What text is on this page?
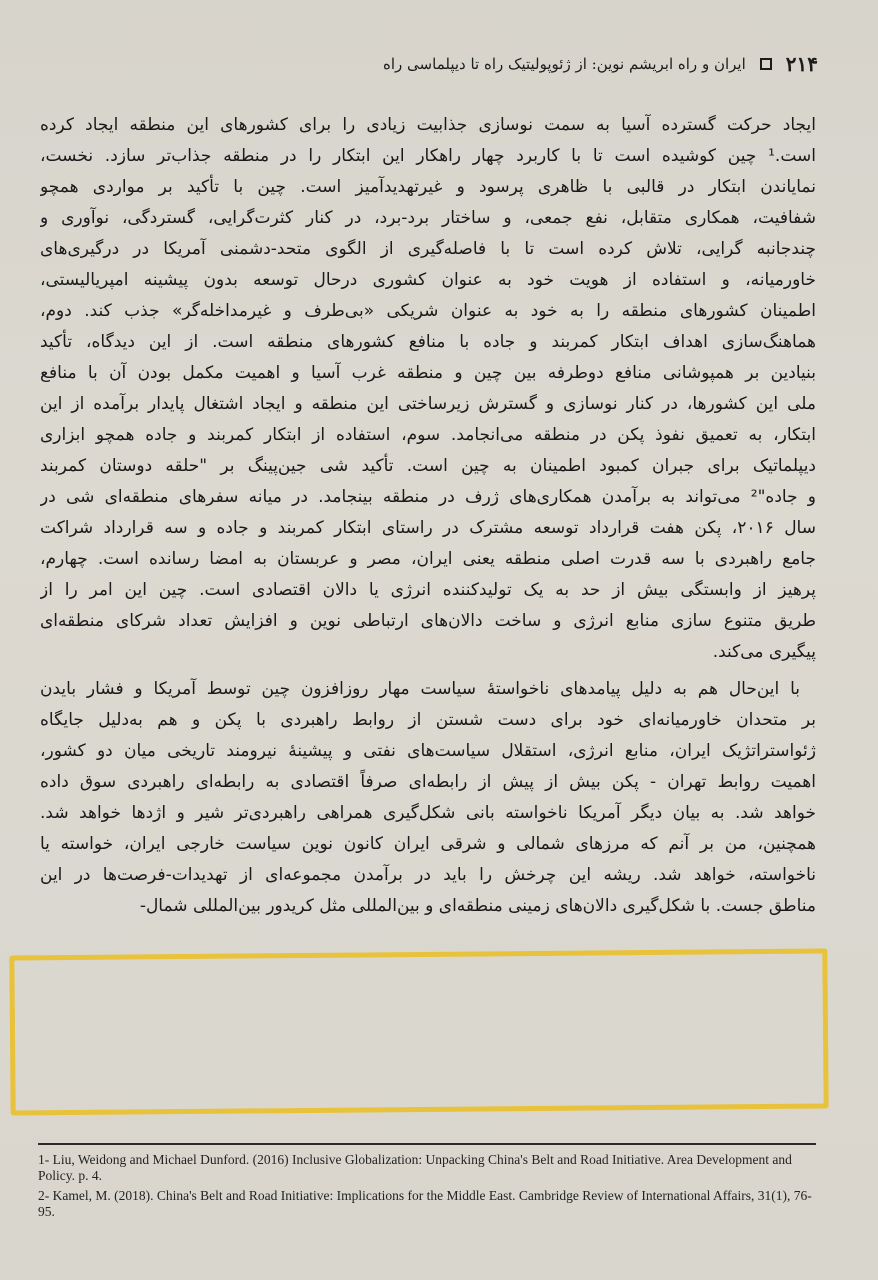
۲۱۴
ایران و راه ابریشم نوین: از ژئوپولیتیک راه تا دیپلماسی راه
ایجاد حرکت گسترده آسیا به سمت نوسازی جذابیت زیادی را برای کشورهای این منطقه ایجاد کرده
است.¹ چین کوشیده است تا با کاربرد چهار راهکار این ابتکار را در منطقه جذاب‌تر سازد. نخست،
نمایاندن ابتکار در قالبی با ظاهری پرسود و غیرتهدیدآمیز است. چین با تأکید بر مواردی همچو
شفافیت، همکاری متقابل، نفع جمعی، و ساختار برد-برد، در کنار کثرت‌گرایی، گستردگی، نوآوری و
چندجانبه گرایی، تلاش کرده است تا با فاصله‌گیری از الگوی متحد-دشمنی آمریکا در درگیری‌های
خاورمیانه، و استفاده از هویت خود به عنوان کشوری درحال توسعه بدون پیشینه امپریالیستی،
اطمینان کشورهای منطقه را به خود به عنوان شریکی «بی‌طرف و غیرمداخله‌گر» جذب کند. دوم،
هماهنگ‌سازی اهداف ابتکار کمربند و جاده با منافع کشورهای منطقه است. از این دیدگاه، تأکید
بنیادین بر همپوشانی منافع دوطرفه بین چین و منطقه غرب آسیا و اهمیت مکمل بودن آن با منافع
ملی این کشورها، در کنار نوسازی و گسترش زیرساختی این منطقه و ایجاد اشتغال پایدار برآمده از این
ابتکار، به تعمیق نفوذ پکن در منطقه می‌انجامد. سوم، استفاده از ابتکار کمربند و جاده همچو ابزاری
دیپلماتیک برای جبران کمبود اطمینان به چین است. تأکید شی جین‌پینگ بر "حلقه دوستان کمربند
و جاده"² می‌تواند به برآمدن همکاری‌های ژرف در منطقه بینجامد. در میانه سفرهای منطقه‌ای شی در
سال ۲۰۱۶، پکن هفت قرارداد توسعه مشترک در راستای ابتکار کمربند و جاده و سه قرارداد شراکت
جامع راهبردی با سه قدرت اصلی منطقه یعنی ایران، مصر و عربستان به امضا رسانده است. چهارم،
پرهیز از وابستگی بیش از حد به یک تولیدکننده انرژی یا دالان اقتصادی است. چین این امر را از
طریق متنوع سازی منابع انرژی و ساخت دالان‌های ارتباطی نوین و افزایش تعداد شرکای منطقه‌ای
پیگیری می‌کند.
با این‌حال هم به دلیل پیامدهای ناخواستهٔ سیاست مهار روزافزون چین توسط آمریکا و فشار بایدن
بر متحدان خاورمیانه‌ای خود برای دست شستن از روابط راهبردی با پکن و هم به‌دلیل جایگاه
ژئواستراتژیک ایران، منابع انرژی، استقلال سیاست‌های نفتی و پیشینهٔ نیرومند تاریخی میان دو کشور،
اهمیت روابط تهران - پکن بیش از پیش از رابطه‌ای صرفاً اقتصادی به رابطه‌ای راهبردی سوق داده
خواهد شد. به بیان دیگر آمریکا ناخواسته بانی شکل‌گیری همراهی راهبردی‌تر شیر و اژدها خواهد شد.
همچنین، من بر آنم که مرزهای شمالی و شرقی ایران کانون نوین سیاست خارجی ایران، خواسته یا
ناخواسته، خواهد شد. ریشه این چرخش را باید در برآمدن مجموعه‌ای از تهدیدات-فرصت‌ها در این
مناطق جست. با شکل‌گیری دالان‌های زمینی منطقه‌ای و بین‌المللی مثل کریدور بین‌المللی شمال-

1- Liu, Weidong and Michael Dunford. (2016) Inclusive Globalization: Unpacking China's Belt and Road Initiative. Area Development and Policy. p. 4.

2- Kamel, M. (2018). China's Belt and Road Initiative: Implications for the Middle East. Cambridge Review of International Affairs, 31(1), 76-95.
